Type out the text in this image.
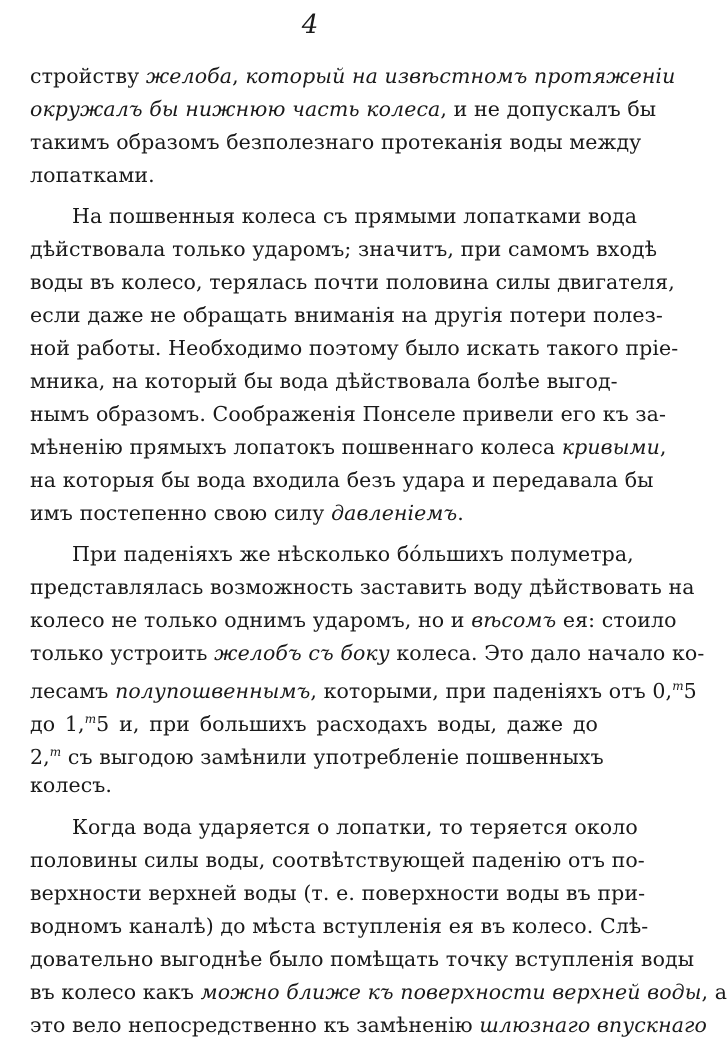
4
стройству желоба, который на извѣстномъ протяженіи
окружалъ бы нижнюю часть колеса, и не допускалъ бы
такимъ образомъ безполезнаго протеканія воды между
лопатками.
На пошвенныя колеса съ прямыми лопатками вода
дѣйствовала только ударомъ; значитъ, при самомъ входѣ
воды въ колесо, терялась почти половина силы двигателя,
если даже не обращать вниманія на другія потери полез-
ной работы. Необходимо поэтому было искать такого пріе-
мника, на который бы вода дѣйствовала болѣе выгод-
нымъ образомъ. Соображенія Понселе привели его къ за-
мѣненію прямыхъ лопатокъ пошвеннаго колеса кривыми,
на которыя бы вода входила безъ удара и передавала бы
имъ постепенно свою силу давленіемъ.
При паденіяхъ же нѣсколько бо́льшихъ полуметра,
представлялась возможность заставить воду дѣйствовать на
колесо не только однимъ ударомъ, но и вѣсомъ ея: стоило
только устроить желобъ съ боку колеса. Это дало начало ко-
лесамъ полупошвеннымъ, которыми, при паденіяхъ отъ 0,$^m$5
до 1,$^m$5 и, при большихъ расходахъ воды, даже до
2,$^m$ съ выгодою замѣнили употребленіе пошвенныхъ
колесъ.
Когда вода ударяется о лопатки, то теряется около
половины силы воды, соотвѣтствующей паденію отъ по-
верхности верхней воды (т. е. поверхности воды въ при-
водномъ каналѣ) до мѣста вступленія ея въ колесо. Слѣ-
довательно выгоднѣе было помѣщать точку вступленія воды
въ колесо какъ можно ближе къ поверхности верхней воды, а
это вело непосредственно къ замѣненію шлюзнаго впускнаго
